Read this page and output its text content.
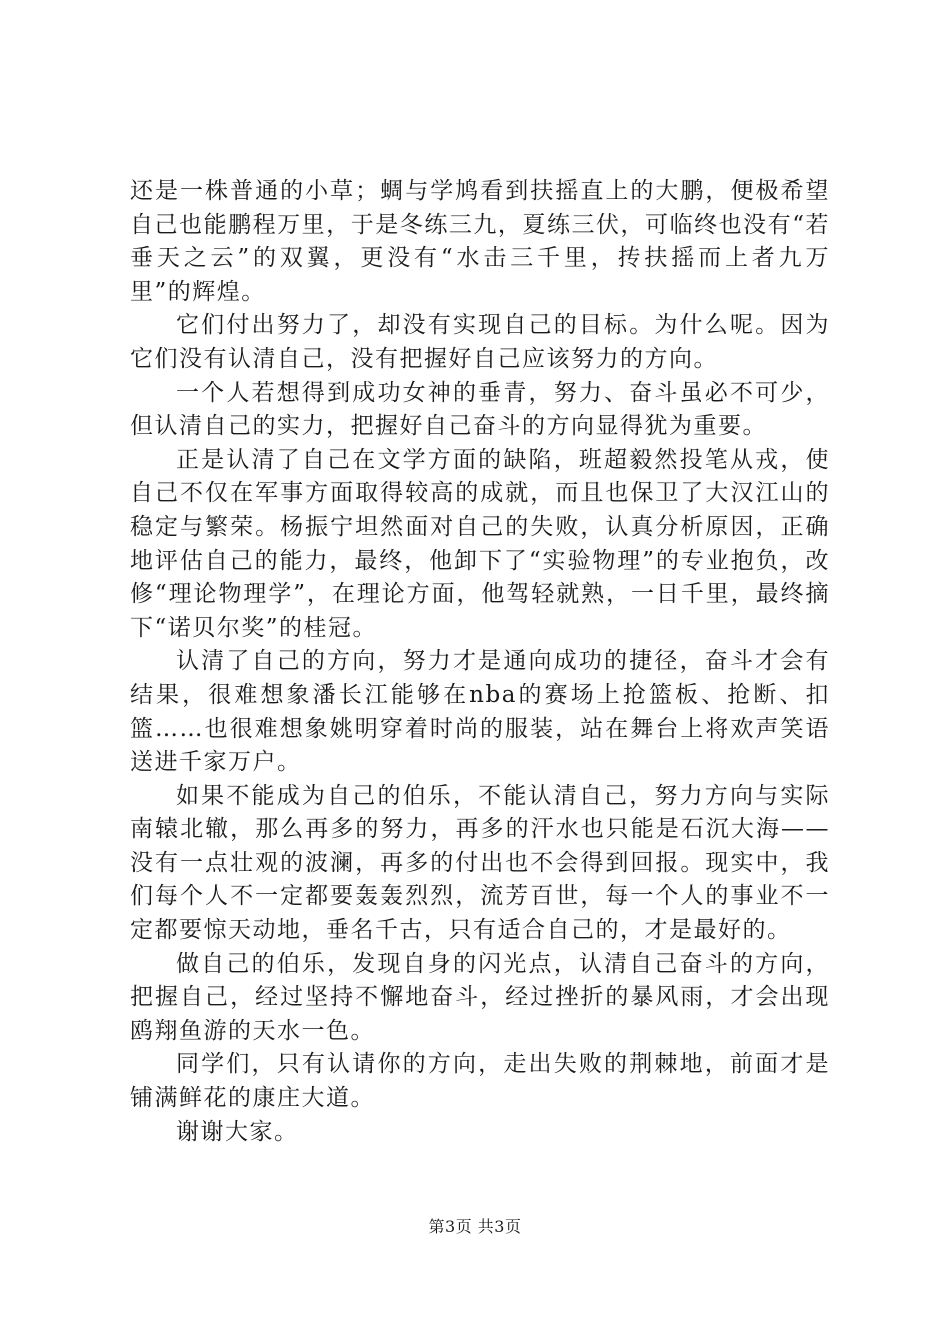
还是一株普通的小草；蜩与学鸠看到扶摇直上的大鹏，便极希望自己也能鹏程万里，于是冬练三九，夏练三伏，可临终也没有“若垂天之云”的双翼，更没有“水击三千里，抟扶摇而上者九万里”的辉煌。

它们付出努力了，却没有实现自己的目标。为什么呢。因为它们没有认清自己，没有把握好自己应该努力的方向。

一个人若想得到成功女神的垂青，努力、奋斗虽必不可少，但认清自己的实力，把握好自己奋斗的方向显得犹为重要。

正是认清了自己在文学方面的缺陷，班超毅然投笔从戎，使自己不仅在军事方面取得较高的成就，而且也保卫了大汉江山的稳定与繁荣。杨振宁坦然面对自己的失败，认真分析原因，正确地评估自己的能力，最终，他卸下了“实验物理”的专业抱负，改修“理论物理学”，在理论方面，他驾轻就熟，一日千里，最终摘下“诺贝尔奖”的桂冠。

认清了自己的方向，努力才是通向成功的捷径，奋斗才会有结果，很难想象潘长江能够在nba的赛场上抢篮板、抢断、扣篮……也很难想象姚明穿着时尚的服装，站在舞台上将欢声笑语送进千家万户。

如果不能成为自己的伯乐，不能认清自己，努力方向与实际南辕北辙，那么再多的努力，再多的汗水也只能是石沉大海——没有一点壮观的波澜，再多的付出也不会得到回报。现实中，我们每个人不一定都要轰轰烈烈，流芳百世，每一个人的事业不一定都要惊天动地，垂名千古，只有适合自己的，才是最好的。

做自己的伯乐，发现自身的闪光点，认清自己奋斗的方向，把握自己，经过坚持不懈地奋斗，经过挫折的暴风雨，才会出现鸥翔鱼游的天水一色。

同学们，只有认请你的方向，走出失败的荆棘地，前面才是铺满鲜花的康庄大道。

谢谢大家。

第3页 共3页
